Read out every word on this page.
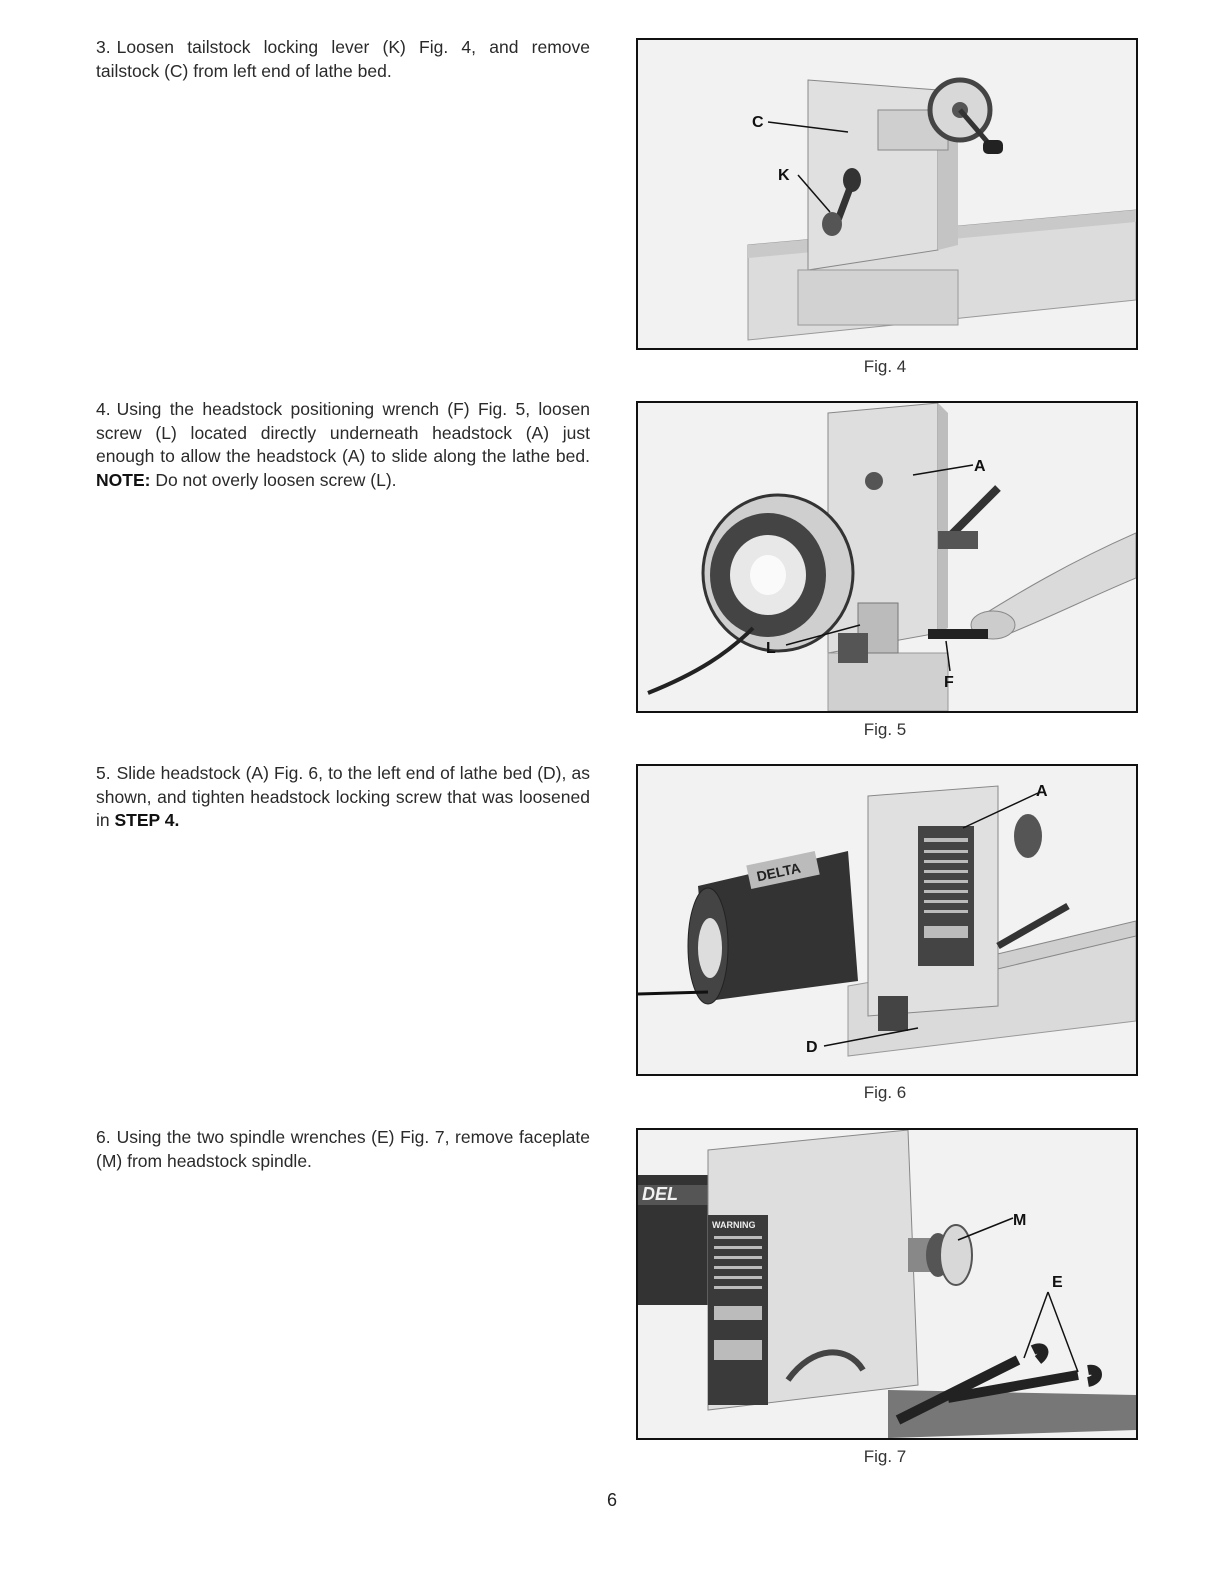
3. Loosen tailstock locking lever (K) Fig. 4, and remove tailstock (C) from left end of lathe bed.
4. Using the headstock positioning wrench (F) Fig. 5, loosen screw (L) located directly underneath headstock (A) just enough to allow the headstock (A) to slide along the lathe bed. NOTE: Do not overly loosen screw (L).
5. Slide headstock (A) Fig. 6, to the left end of lathe bed (D), as shown, and tighten headstock locking screw that was loosened in STEP 4.
6. Using the two spindle wrenches (E) Fig. 7, remove faceplate (M) from headstock spindle.
C
K
Fig. 4
A
L
F
Fig. 5
DELTA
A
D
Fig. 6
DEL
WARNING	M
E
Fig. 7
6
